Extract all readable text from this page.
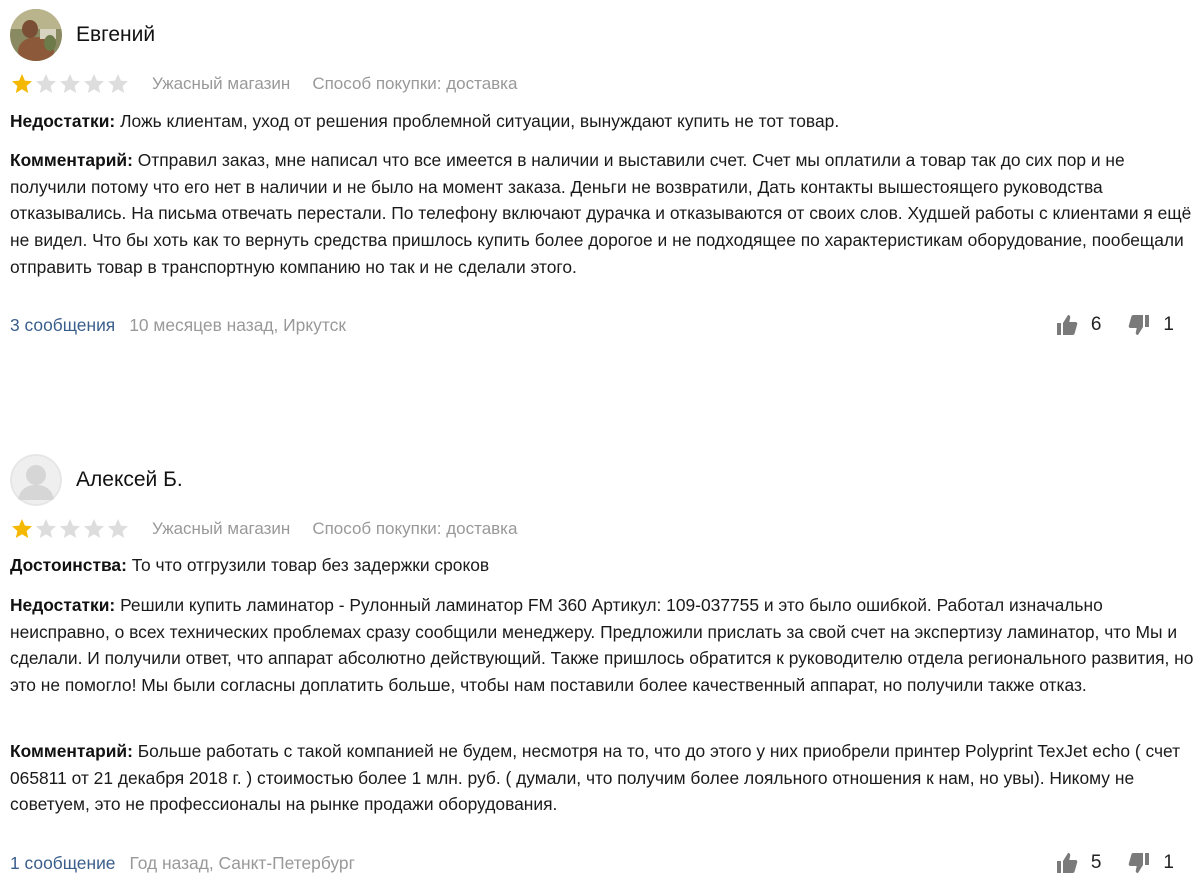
Евгений
Ужасный магазин Способ покупки: доставка
Недостатки: Ложь клиентам, уход от решения проблемной ситуации, вынуждают купить не тот товар.
Комментарий: Отправил заказ, мне написал что все имеется в наличии и выставили счет. Счет мы оплатили а товар так до сих пор и не получили потому что его нет в наличии и не было на момент заказа. Деньги не возвратили, Дать контакты вышестоящего руководства отказывались. На письма отвечать перестали. По телефону включают дурачка и отказываются от своих слов. Худшей работы с клиентами я ещё не видел. Что бы хоть как то вернуть средства пришлось купить более дорогое и не подходящее по характеристикам оборудование, пообещали отправить товар в транспортную компанию но так и не сделали этого.
3 сообщения 10 месяцев назад, Иркутск	6	1
Алексей Б.
Ужасный магазин Способ покупки: доставка
Достоинства: То что отгрузили товар без задержки сроков
Недостатки: Решили купить ламинатор - Рулонный ламинатор FM 360 Артикул: 109-037755 и это было ошибкой. Работал изначально неисправно, о всех технических проблемах сразу сообщили менеджеру. Предложили прислать за свой счет на экспертизу ламинатор, что Мы и сделали. И получили ответ, что аппарат абсолютно действующий. Также пришлось обратится к руководителю отдела регионального развития, но это не помогло! Мы были согласны доплатить больше, чтобы нам поставили более качественный аппарат, но получили также отказ.
Комментарий: Больше работать с такой компанией не будем, несмотря на то, что до этого у них приобрели принтер Polyprint TexJet echo ( счет 065811 от 21 декабря 2018 г. ) стоимостью более 1 млн. руб. ( думали, что получим более лояльного отношения к нам, но увы). Никому не советуем, это не профессионалы на рынке продажи оборудования.
1 сообщение Год назад, Санкт-Петербург	5	1
